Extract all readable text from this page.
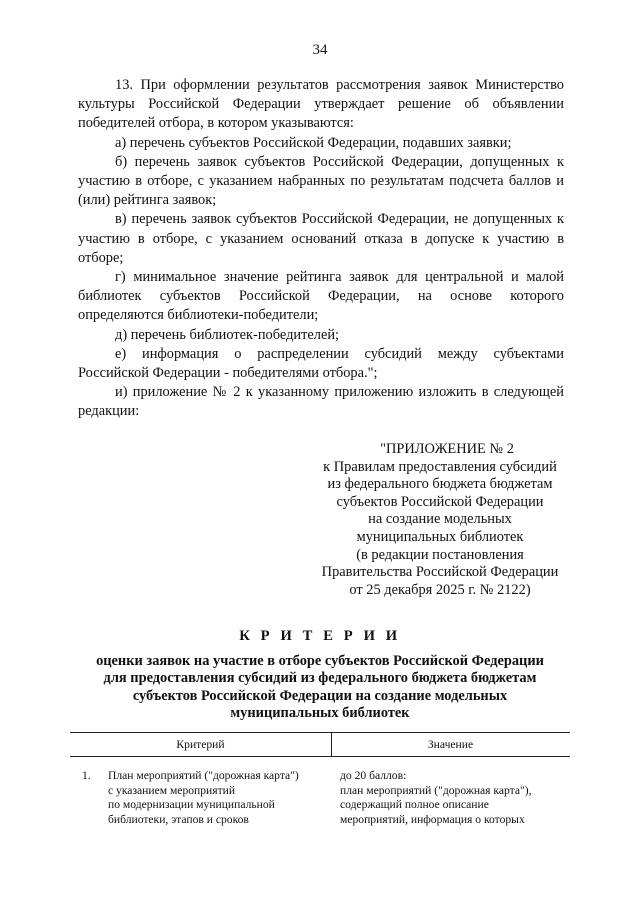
34

13. При оформлении результатов рассмотрения заявок Министерство культуры Российской Федерации утверждает решение об объявлении победителей отбора, в котором указываются:

а) перечень субъектов Российской Федерации, подавших заявки;

б) перечень заявок субъектов Российской Федерации, допущенных к участию в отборе, с указанием набранных по результатам подсчета баллов и (или) рейтинга заявок;

в) перечень заявок субъектов Российской Федерации, не допущенных к участию в отборе, с указанием оснований отказа в допуске к участию в отборе;

г) минимальное значение рейтинга заявок для центральной и малой библиотек субъектов Российской Федерации, на основе которого определяются библиотеки-победители;

д) перечень библиотек-победителей;

е) информация о распределении субсидий между субъектами Российской Федерации - победителями отбора.";

и) приложение № 2 к указанному приложению изложить в следующей редакции:

"ПРИЛОЖЕНИЕ № 2
к Правилам предоставления субсидий
из федерального бюджета бюджетам
субъектов Российской Федерации
на создание модельных
муниципальных библиотек
(в редакции постановления
Правительства Российской Федерации
от 25 декабря 2025 г. № 2122)
К Р И Т Е Р И И
оценки заявок на участие в отборе субъектов Российской Федерации
для предоставления субсидий из федерального бюджета бюджетам
субъектов Российской Федерации на создание модельных
муниципальных библиотек
Критерий	Значение
1. План мероприятий ("дорожная карта")
с указанием мероприятий
по модернизации муниципальной
библиотеки, этапов и сроков
до 20 баллов:
план мероприятий ("дорожная карта"),
содержащий полное описание
мероприятий, информация о которых
